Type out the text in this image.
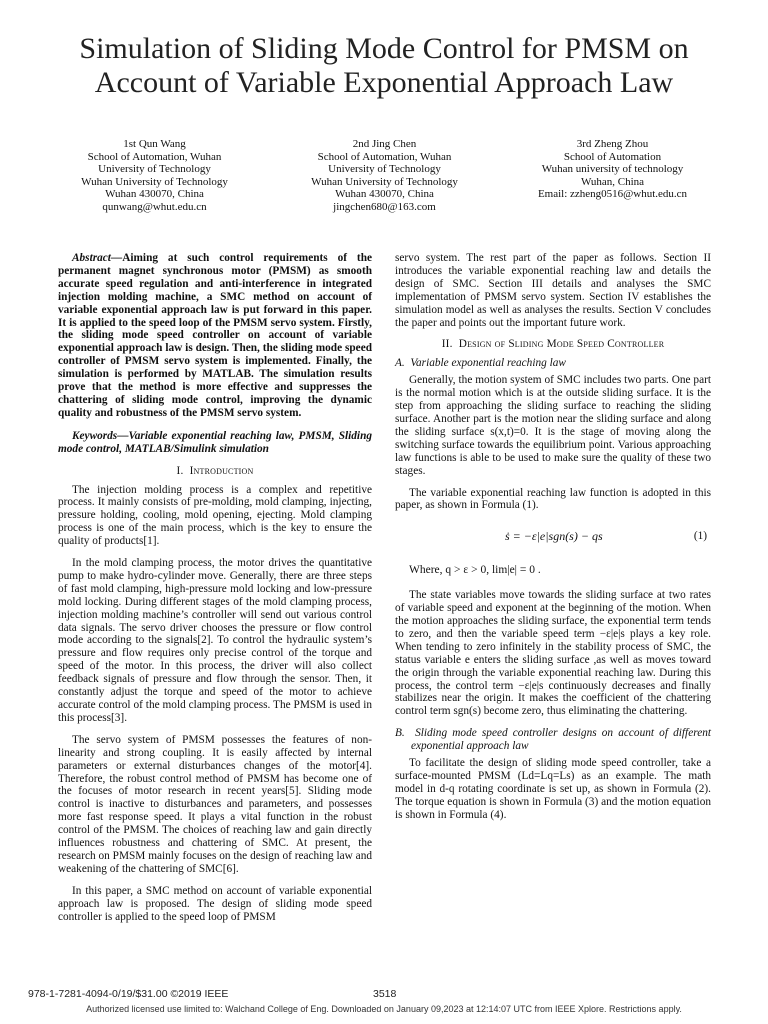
Simulation of Sliding Mode Control for PMSM on
Account of Variable Exponential Approach Law
1st Qun Wang
School of Automation, Wuhan
University of Technology
Wuhan University of Technology
Wuhan 430070, China
qunwang@whut.edu.cn
2nd Jing Chen
School of Automation, Wuhan
University of Technology
Wuhan University of Technology
Wuhan 430070, China
jingchen680@163.com
3rd Zheng Zhou
School of Automation
Wuhan university of technology
Wuhan, China
Email: zzheng0516@whut.edu.cn

Abstract—Aiming at such control requirements of the permanent magnet synchronous motor (PMSM) as smooth accurate speed regulation and anti-interference in integrated injection molding machine, a SMC method on account of variable exponential approach law is put forward in this paper. It is applied to the speed loop of the PMSM servo system. Firstly, the sliding mode speed controller on account of variable exponential approach law is design. Then, the sliding mode speed controller of PMSM servo system is implemented. Finally, the simulation is performed by MATLAB. The simulation results prove that the method is more effective and suppresses the chattering of sliding mode control, improving the dynamic quality and robustness of the PMSM servo system.

Keywords—Variable exponential reaching law, PMSM, Sliding mode control, MATLAB/Simulink simulation

I. Introduction

The injection molding process is a complex and repetitive process. It mainly consists of pre-molding, mold clamping, injecting, pressure holding, cooling, mold opening, ejecting. Mold clamping process is one of the main process, which is the key to ensure the quality of products[1].

In the mold clamping process, the motor drives the quantitative pump to make hydro-cylinder move. Generally, there are three steps of fast mold clamping, high-pressure mold locking and low-pressure mold locking. During different stages of the mold clamping process, injection molding machine’s controller will send out various control data signals. The servo driver chooses the pressure or flow control mode according to the signals[2]. To control the hydraulic system’s pressure and flow requires only precise control of the torque and speed of the motor. In this process, the driver will also collect feedback signals of pressure and flow through the sensor. Then, it constantly adjust the torque and speed of the motor to achieve accurate control of the mold clamping process. The PMSM is used in this process[3].

The servo system of PMSM possesses the features of non-linearity and strong coupling. It is easily affected by internal parameters or external disturbances changes of the motor[4]. Therefore, the robust control method of PMSM has become one of the focuses of motor research in recent years[5]. Sliding mode control is inactive to disturbances and parameters, and possesses more fast response speed. It plays a vital function in the robust control of the PMSM. The choices of reaching law and gain directly influences robustness and chattering of SMC. At present, the research on PMSM mainly focuses on the design of reaching law and weakening of the chattering of SMC[6].

In this paper, a SMC method on account of variable exponential approach law is proposed. The design of sliding mode speed controller is applied to the speed loop of PMSM

servo system. The rest part of the paper as follows. Section II introduces the variable exponential reaching law and details the design of SMC. Section III details and analyses the SMC implementation of PMSM servo system. Section IV establishes the simulation model as well as analyses the results. Section V concludes the paper and points out the important future work.

II. Design of Sliding Mode Speed Controller
A. Variable exponential reaching law

Generally, the motion system of SMC includes two parts. One part is the normal motion which is at the outside sliding surface. It is the step from approaching the sliding surface to reaching the sliding surface. Another part is the motion near the sliding surface and along the sliding surface s(x,t)=0. It is the stage of moving along the switching surface towards the equilibrium point. Various approaching law functions is able to be used to make sure the quality of these two stages.

The variable exponential reaching law function is adopted in this paper, as shown in Formula (1).

ṡ = −ε|e|sgn(s) − qs	(1)
Where, q > ε > 0, lim|e| = 0 .

The state variables move towards the sliding surface at two rates of variable speed and exponent at the beginning of the motion. When the motion approaches the sliding surface, the exponential term tends to zero, and then the variable speed term −ε|e|s plays a key role. When tending to zero infinitely in the stability process of SMC, the status variable e enters the sliding surface ,as well as moves toward the origin through the variable exponential reaching law. During this process, the control term −ε|e|s continuously decreases and finally stabilizes near the origin. It makes the coefficient of the chattering control term sgn(s) become zero, thus eliminating the chattering.

B. Sliding mode speed controller designs on account of different exponential approach law

To facilitate the design of sliding mode speed controller, take a surface-mounted PMSM (Ld=Lq=Ls) as an example. The math model in d-q rotating coordinate is set up, as shown in Formula (2). The torque equation is shown in Formula (3) and the motion equation is shown in Formula (4).

978-1-7281-4094-0/19/$31.00 ©2019 IEEE	3518
Authorized licensed use limited to: Walchand College of Eng. Downloaded on January 09,2023 at 12:14:07 UTC from IEEE Xplore. Restrictions apply.
